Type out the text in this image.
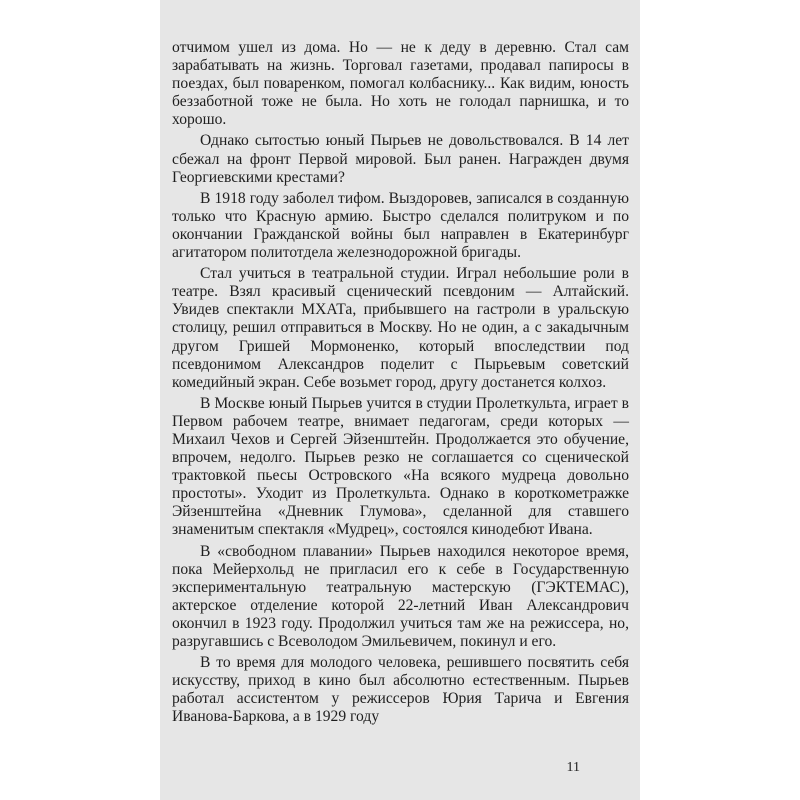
отчимом ушел из дома. Но — не к деду в деревню. Стал сам зарабатывать на жизнь. Торговал газетами, продавал папиросы в поездах, был поваренком, помогал колбаснику... Как видим, юность беззаботной тоже не была. Но хоть не голодал парнишка, и то хорошо.

Однако сытостью юный Пырьев не довольствовался. В 14 лет сбежал на фронт Первой мировой. Был ранен. Награжден двумя Георгиевскими крестами?

В 1918 году заболел тифом. Выздоровев, записался в созданную только что Красную армию. Быстро сделался политруком и по окончании Гражданской войны был направлен в Екатеринбург агитатором политотдела железнодорожной бригады.

Стал учиться в театральной студии. Играл небольшие роли в театре. Взял красивый сценический псевдоним — Алтайский. Увидев спектакли МХАТа, прибывшего на гастроли в уральскую столицу, решил отправиться в Москву. Но не один, а с закадычным другом Гришей Мормоненко, который впоследствии под псевдонимом Александров поделит с Пырьевым советский комедийный экран. Себе возьмет город, другу достанется колхоз.

В Москве юный Пырьев учится в студии Пролеткульта, играет в Первом рабочем театре, внимает педагогам, среди которых — Михаил Чехов и Сергей Эйзенштейн. Продолжается это обучение, впрочем, недолго. Пырьев резко не соглашается со сценической трактовкой пьесы Островского «На всякого мудреца довольно простоты». Уходит из Пролеткульта. Однако в короткометражке Эйзенштейна «Дневник Глумова», сделанной для ставшего знаменитым спектакля «Мудрец», состоялся кинодебют Ивана.

В «свободном плавании» Пырьев находился некоторое время, пока Мейерхольд не пригласил его к себе в Государственную экспериментальную театральную мастерскую (ГЭКТЕМАС), актерское отделение которой 22-летний Иван Александрович окончил в 1923 году. Продолжил учиться там же на режиссера, но, разругавшись с Всеволодом Эмильевичем, покинул и его.

В то время для молодого человека, решившего посвятить себя искусству, приход в кино был абсолютно естественным. Пырьев работал ассистентом у режиссеров Юрия Тарича и Евгения Иванова-Баркова, а в 1929 году

11
